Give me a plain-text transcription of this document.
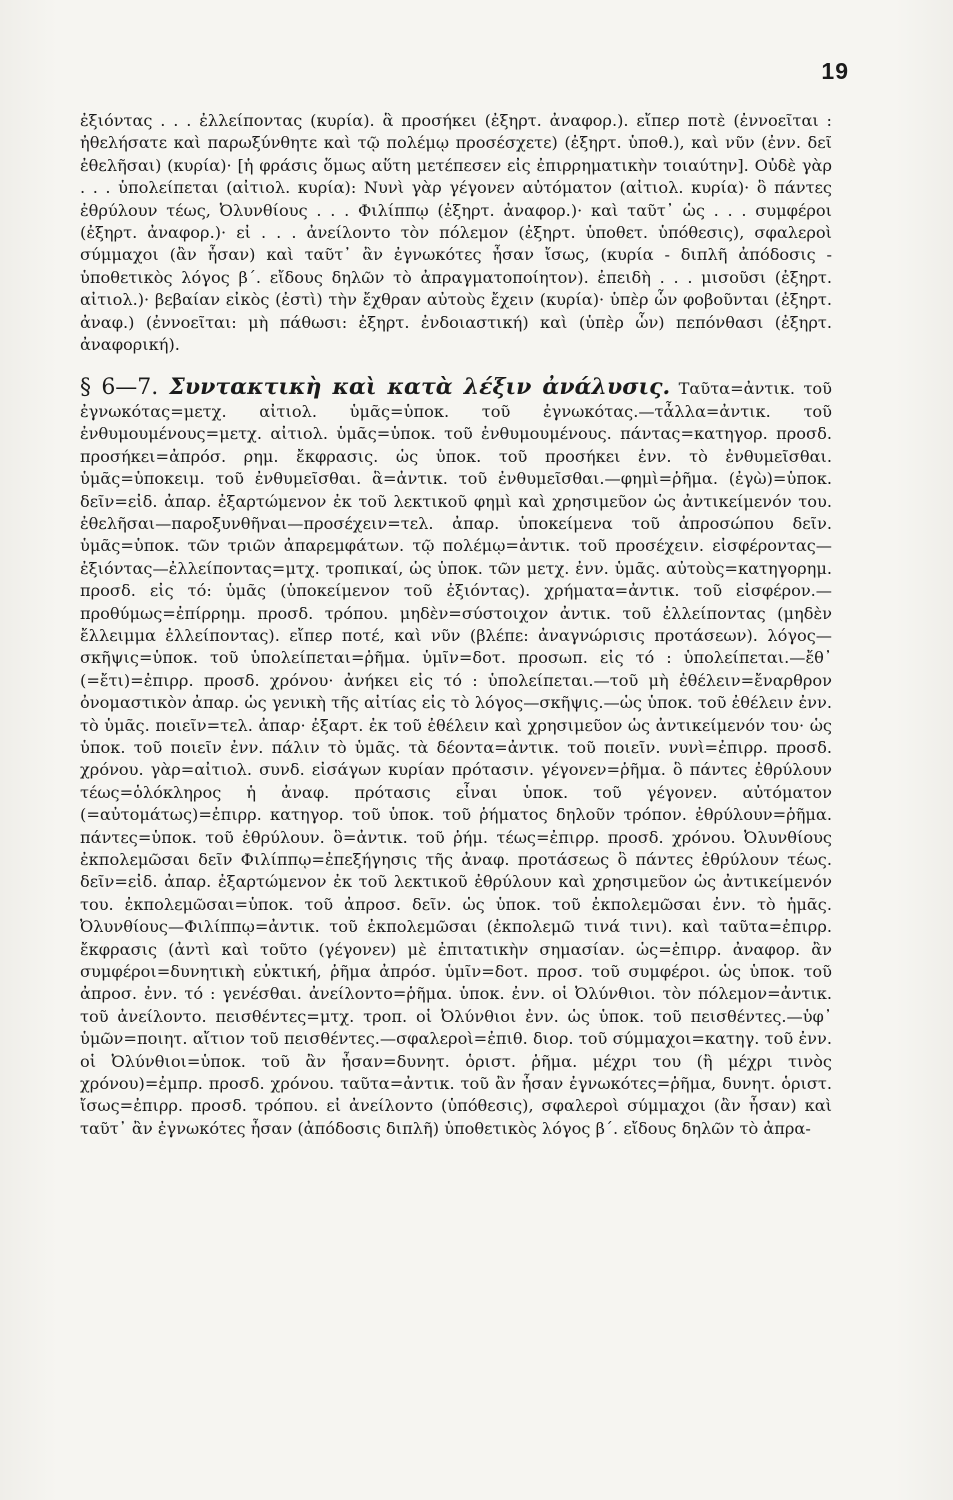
19

ἐξιόντας . . . ἐλλείποντας (κυρία). ἃ προσήκει (ἐξηρτ. ἀναφορ.). εἴπερ ποτὲ (ἐννοεῖται : ἠθελήσατε καὶ παρωξύνθητε καὶ τῷ πολέμῳ προσέσχετε) (ἐξηρτ. ὑποθ.), καὶ νῦν (ἐνν. δεῖ ἐθελῆσαι) (κυρία)· [ἡ φράσις ὅμως αὕτη μετέπεσεν εἰς ἐπιρρηματικὴν τοιαύτην]. Οὐδὲ γὰρ . . . ὑπολείπεται (αἰτιολ. κυρία): Νυνὶ γὰρ γέγονεν αὐτόματον (αἰτιολ. κυρία)· ὃ πάντες ἐθρύλουν τέως, Ὀλυνθίους . . . Φιλίππῳ (ἐξηρτ. ἀναφορ.)· καὶ ταῦτ᾽ ὡς . . . συμφέροι (ἐξηρτ. ἀναφορ.)· εἰ . . . ἀνείλοντο τὸν πόλεμον (ἐξηρτ. ὑποθετ. ὑπόθεσις), σφαλεροὶ σύμμαχοι (ἂν ἦσαν) καὶ ταῦτ᾽ ἂν ἐγνωκότες ἦσαν ἴσως, (κυρία - διπλῆ ἀπόδοσις - ὑποθετικὸς λόγος β΄. εἴδους δηλῶν τὸ ἀπραγματοποίητον). ἐπειδὴ . . . μισοῦσι (ἐξηρτ. αἰτιολ.)· βεβαίαν εἰκὸς (ἐστὶ) τὴν ἔχθραν αὐτοὺς ἔχειν (κυρία)· ὑπὲρ ὧν φοβοῦνται (ἐξηρτ. ἀναφ.) (ἐννοεῖται: μὴ πάθωσι: ἐξηρτ. ἐνδοιαστική) καὶ (ὑπὲρ ὧν) πεπόνθασι (ἐξηρτ. ἀναφορική).

§ 6—7. Συντακτικὴ καὶ κατὰ λέξιν ἀνάλυσις. Ταῦτα=ἀντικ. τοῦ ἐγνωκότας=μετχ. αἰτιολ. ὑμᾶς=ὑποκ. τοῦ ἐγνωκότας.—τἆλλα=ἀντικ. τοῦ ἐνθυμουμένους=μετχ. αἰτιολ. ὑμᾶς=ὑποκ. τοῦ ἐνθυμουμένους. πάντας=κατηγορ. προσδ. προσήκει=ἀπρόσ. ρημ. ἔκφρασις. ὡς ὑποκ. τοῦ προσήκει ἐνν. τὸ ἐνθυμεῖσθαι. ὑμᾶς=ὑποκειμ. τοῦ ἐνθυμεῖσθαι. ἃ=ἀντικ. τοῦ ἐνθυμεῖσθαι.—φημὶ=ῥῆμα. (ἐγὼ)=ὑποκ. δεῖν=εἰδ. ἀπαρ. ἐξαρτώμενον ἐκ τοῦ λεκτικοῦ φημὶ καὶ χρησιμεῦον ὡς ἀντικείμενόν του. ἐθελῆσαι—παροξυνθῆναι—προσέχειν=τελ. ἀπαρ. ὑποκείμενα τοῦ ἀπροσώπου δεῖν. ὑμᾶς=ὑποκ. τῶν τριῶν ἀπαρεμφάτων. τῷ πολέμῳ=ἀντικ. τοῦ προσέχειν. εἰσφέροντας—ἐξιόντας—ἐλλείποντας=μτχ. τροπικαί, ὡς ὑποκ. τῶν μετχ. ἐνν. ὑμᾶς. αὐτοὺς=κατηγορημ. προσδ. εἰς τό: ὑμᾶς (ὑποκείμενον τοῦ ἐξιόντας). χρήματα=ἀντικ. τοῦ εἰσφέρον.—προθύμως=ἐπίρρημ. προσδ. τρόπου. μηδὲν=σύστοιχον ἀντικ. τοῦ ἐλλείποντας (μηδὲν ἔλλειμμα ἐλλείποντας). εἴπερ ποτέ, καὶ νῦν (βλέπε: ἀναγνώρισις προτάσεων). λόγος—σκῆψις=ὑποκ. τοῦ ὑπολείπεται=ῥῆμα. ὑμῖν=δοτ. προσωπ. εἰς τό : ὑπολείπεται.—ἔθ᾽ (=ἔτι)=ἐπιρρ. προσδ. χρόνου· ἀνήκει εἰς τό : ὑπολείπεται.—τοῦ μὴ ἐθέλειν=ἔναρθρον ὀνομαστικὸν ἀπαρ. ὡς γενικὴ τῆς αἰτίας εἰς τὸ λόγος—σκῆψις.—ὡς ὑποκ. τοῦ ἐθέλειν ἐνν. τὸ ὑμᾶς. ποιεῖν=τελ. ἀπαρ· ἐξαρτ. ἐκ τοῦ ἐθέλειν καὶ χρησιμεῦον ὡς ἀντικείμενόν του· ὡς ὑποκ. τοῦ ποιεῖν ἐνν. πάλιν τὸ ὑμᾶς. τὰ δέοντα=ἀντικ. τοῦ ποιεῖν. νυνὶ=ἐπιρρ. προσδ. χρόνου. γὰρ=αἰτιολ. συνδ. εἰσάγων κυρίαν πρότασιν. γέγονεν=ῥῆμα. ὃ πάντες ἐθρύλουν τέως=ὁλόκληρος ἡ ἀναφ. πρότασις εἶναι ὑποκ. τοῦ γέγονεν. αὐτόματον (=αὐτομάτως)=ἐπιρρ. κατηγορ. τοῦ ὑποκ. τοῦ ῥήματος δηλοῦν τρόπον. ἐθρύλουν=ῥῆμα. πάντες=ὑποκ. τοῦ ἐθρύλουν. ὃ=ἀντικ. τοῦ ῥήμ. τέως=ἐπιρρ. προσδ. χρόνου. Ὀλυνθίους ἐκπολεμῶσαι δεῖν Φιλίππῳ=ἐπεξήγησις τῆς ἀναφ. προτάσεως ὃ πάντες ἐθρύλουν τέως. δεῖν=εἰδ. ἀπαρ. ἐξαρτώμενον ἐκ τοῦ λεκτικοῦ ἐθρύλουν καὶ χρησιμεῦον ὡς ἀντικείμενόν του. ἐκπολεμῶσαι=ὑποκ. τοῦ ἀπροσ. δεῖν. ὡς ὑποκ. τοῦ ἐκπολεμῶσαι ἐνν. τὸ ἡμᾶς. Ὀλυνθίους—Φιλίππῳ=ἀντικ. τοῦ ἐκπολεμῶσαι (ἐκπολεμῶ τινά τινι). καὶ ταῦτα=ἐπιρρ. ἔκφρασις (ἀντὶ καὶ τοῦτο (γέγονεν) μὲ ἐπιτατικὴν σημασίαν. ὡς=ἐπιρρ. ἀναφορ. ἂν συμφέροι=δυνητικὴ εὐκτική, ῥῆμα ἀπρόσ. ὑμῖν=δοτ. προσ. τοῦ συμφέροι. ὡς ὑποκ. τοῦ ἀπροσ. ἐνν. τό : γενέσθαι. ἀνείλοντο=ῥῆμα. ὑποκ. ἐνν. οἱ Ὀλύνθιοι. τὸν πόλεμον=ἀντικ. τοῦ ἀνείλοντο. πεισθέντες=μτχ. τροπ. οἱ Ὀλύνθιοι ἐνν. ὡς ὑποκ. τοῦ πεισθέντες.—ὑφ᾽ ὑμῶν=ποιητ. αἴτιον τοῦ πεισθέντες.—σφαλεροὶ=ἐπιθ. διορ. τοῦ σύμμαχοι=κατηγ. τοῦ ἐνν. οἱ Ὀλύνθιοι=ὑποκ. τοῦ ἂν ἦσαν=δυνητ. ὁριστ. ῥῆμα. μέχρι του (ἢ μέχρι τινὸς χρόνου)=ἐμπρ. προσδ. χρόνου. ταῦτα=ἀντικ. τοῦ ἂν ἦσαν ἐγνωκότες=ῥῆμα, δυνητ. ὁριστ. ἴσως=ἐπιρρ. προσδ. τρόπου. εἰ ἀνείλοντο (ὑπόθεσις), σφαλεροὶ σύμμαχοι (ἂν ἦσαν) καὶ ταῦτ᾽ ἂν ἐγνωκότες ἦσαν (ἀπόδοσις διπλῆ) ὑποθετικὸς λόγος β΄. εἴδους δηλῶν τὸ ἀπρα-
